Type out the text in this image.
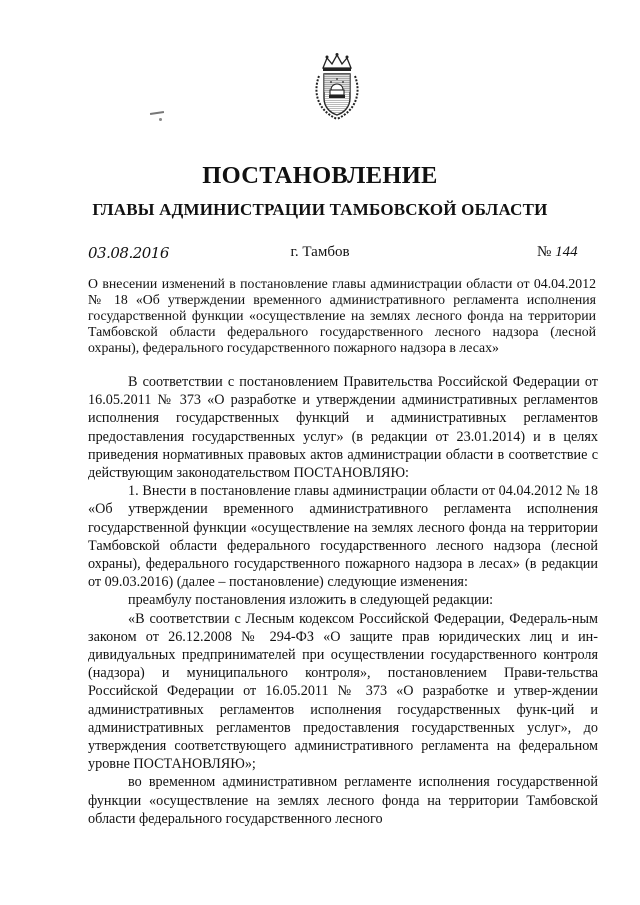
ПОСТАНОВЛЕНИЕ
ГЛАВЫ АДМИНИСТРАЦИИ ТАМБОВСКОЙ ОБЛАСТИ
03.08.2016	г. Тамбов	№ 144
О внесении изменений в постановление главы администрации области от 04.04.2012 № 18 «Об утверждении временного административного регламента исполнения государственной функции «осуществление на землях лесного фонда на территории Тамбовской области федерального государственного лесного надзора (лесной охраны), федерального государственного пожарного надзора в лесах»

В соответствии с постановлением Правительства Российской Федерации от 16.05.2011 № 373 «О разработке и утверждении административных регламентов исполнения государственных функций и административных регламентов предоставления государственных услуг» (в редакции от 23.01.2014) и в целях приведения нормативных правовых актов администрации области в соответствие с действующим законодательством ПОСТАНОВЛЯЮ:

1. Внести в постановление главы администрации области от 04.04.2012 № 18 «Об утверждении временного административного регламента исполнения государственной функции «осуществление на землях лесного фонда на территории Тамбовской области федерального государственного лесного надзора (лесной охраны), федерального государственного пожарного надзора в лесах» (в редакции от 09.03.2016) (далее – постановление) следующие изменения:

преамбулу постановления изложить в следующей редакции:

«В соответствии с Лесным кодексом Российской Федерации, Федераль-ным законом от 26.12.2008 № 294-ФЗ «О защите прав юридических лиц и ин-дивидуальных предпринимателей при осуществлении государственного контроля (надзора) и муниципального контроля», постановлением Прави-тельства Российской Федерации от 16.05.2011 № 373 «О разработке и утвер-ждении административных регламентов исполнения государственных функ-ций и административных регламентов предоставления государственных услуг», до утверждения соответствующего административного регламента на федеральном уровне ПОСТАНОВЛЯЮ»;

во временном административном регламенте исполнения государственной функции «осуществление на землях лесного фонда на территории Тамбовской области федерального государственного лесного
